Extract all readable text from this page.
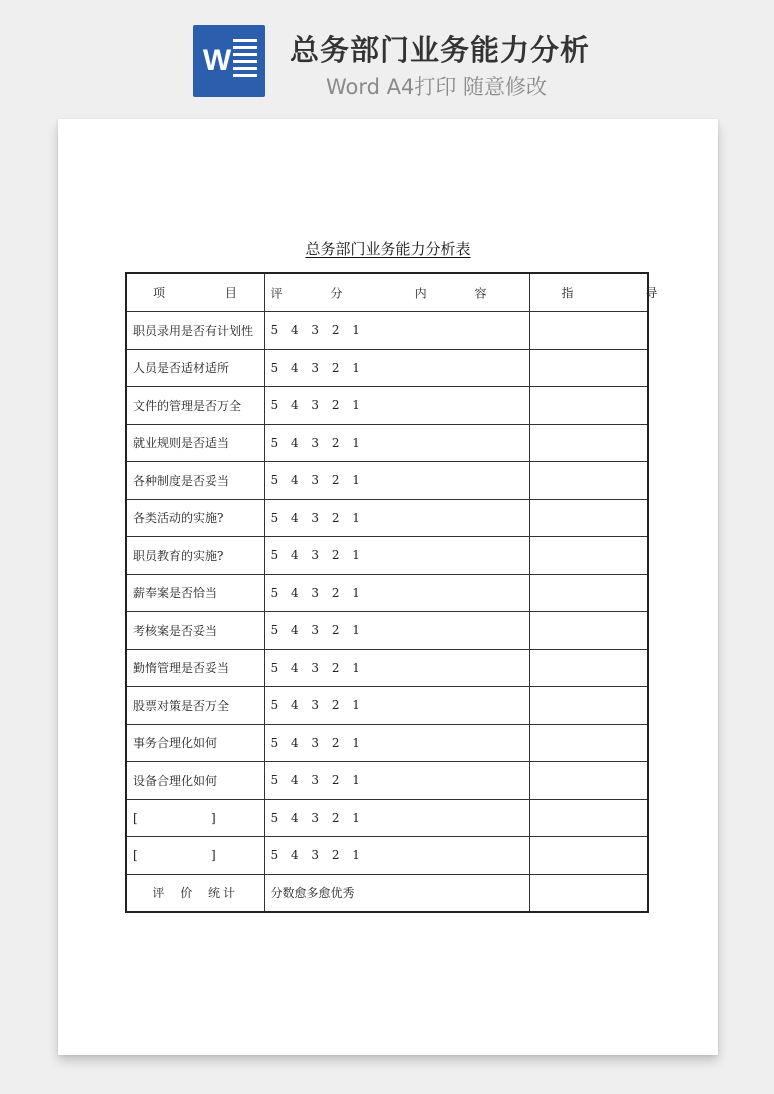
W 总务部门业务能力分析
Word A4打印 随意修改
总务部门业务能力分析表
项 目	评 分 内 容	指 导
职员录用是否有计划性	5 4 3 2 1	
人员是否适材适所	5 4 3 2 1	
文件的管理是否万全	5 4 3 2 1	
就业规则是否适当	5 4 3 2 1	
各种制度是否妥当	5 4 3 2 1	
各类活动的实施?	5 4 3 2 1	
职员教育的实施?	5 4 3 2 1	
薪奉案是否恰当	5 4 3 2 1	
考核案是否妥当	5 4 3 2 1	
勤惰管理是否妥当	5 4 3 2 1	
股票对策是否万全	5 4 3 2 1	
事务合理化如何	5 4 3 2 1	
设备合理化如何	5 4 3 2 1	

[ ]	5 4 3 2 1	

[ ]	5 4 3 2 1	
评 价 统计	分数愈多愈优秀	
